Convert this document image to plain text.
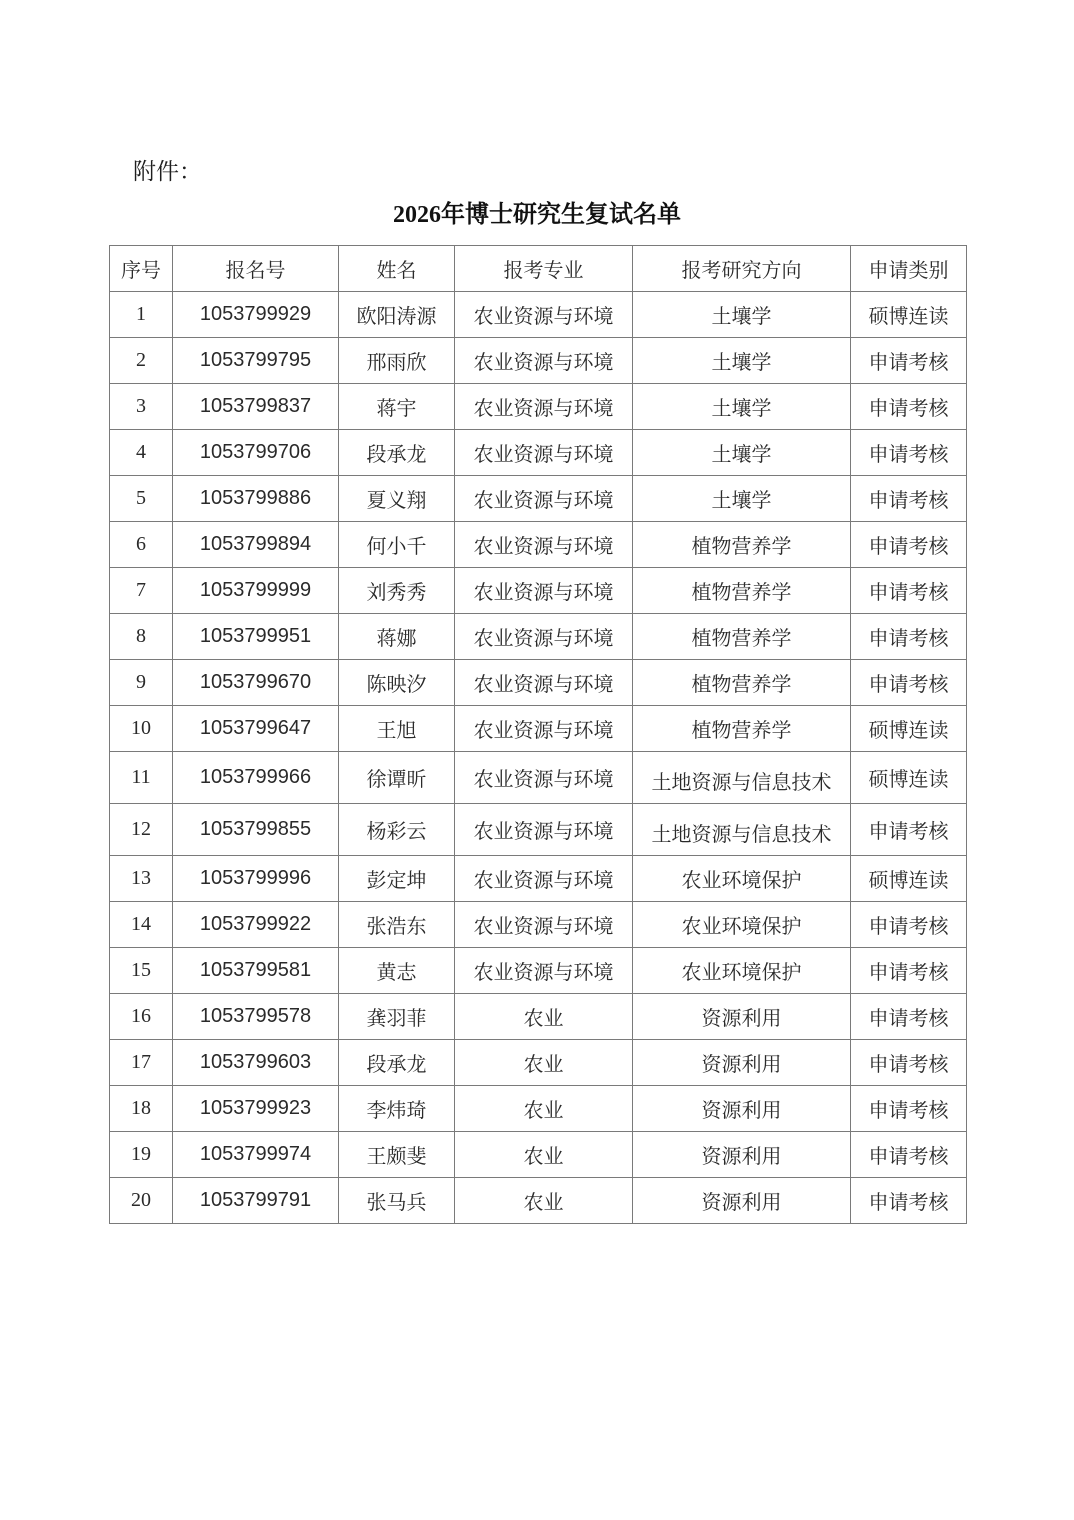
附件：
2026年博士研究生复试名单
序号	报名号	姓名	报考专业	报考研究方向	申请类别
1	1053799929	欧阳涛源	农业资源与环境	土壤学	硕博连读
2	1053799795	邢雨欣	农业资源与环境	土壤学	申请考核
3	1053799837	蒋宇	农业资源与环境	土壤学	申请考核
4	1053799706	段承龙	农业资源与环境	土壤学	申请考核
5	1053799886	夏义翔	农业资源与环境	土壤学	申请考核
6	1053799894	何小千	农业资源与环境	植物营养学	申请考核
7	1053799999	刘秀秀	农业资源与环境	植物营养学	申请考核
8	1053799951	蒋娜	农业资源与环境	植物营养学	申请考核
9	1053799670	陈映汐	农业资源与环境	植物营养学	申请考核
10	1053799647	王旭	农业资源与环境	植物营养学	硕博连读
11	1053799966	徐谭昕	农业资源与环境	土地资源与信息技术	硕博连读
12	1053799855	杨彩云	农业资源与环境	土地资源与信息技术	申请考核
13	1053799996	彭定坤	农业资源与环境	农业环境保护	硕博连读
14	1053799922	张浩东	农业资源与环境	农业环境保护	申请考核
15	1053799581	黄志	农业资源与环境	农业环境保护	申请考核
16	1053799578	龚羽菲	农业	资源利用	申请考核
17	1053799603	段承龙	农业	资源利用	申请考核
18	1053799923	李炜琦	农业	资源利用	申请考核
19	1053799974	王颇斐	农业	资源利用	申请考核
20	1053799791	张马兵	农业	资源利用	申请考核
